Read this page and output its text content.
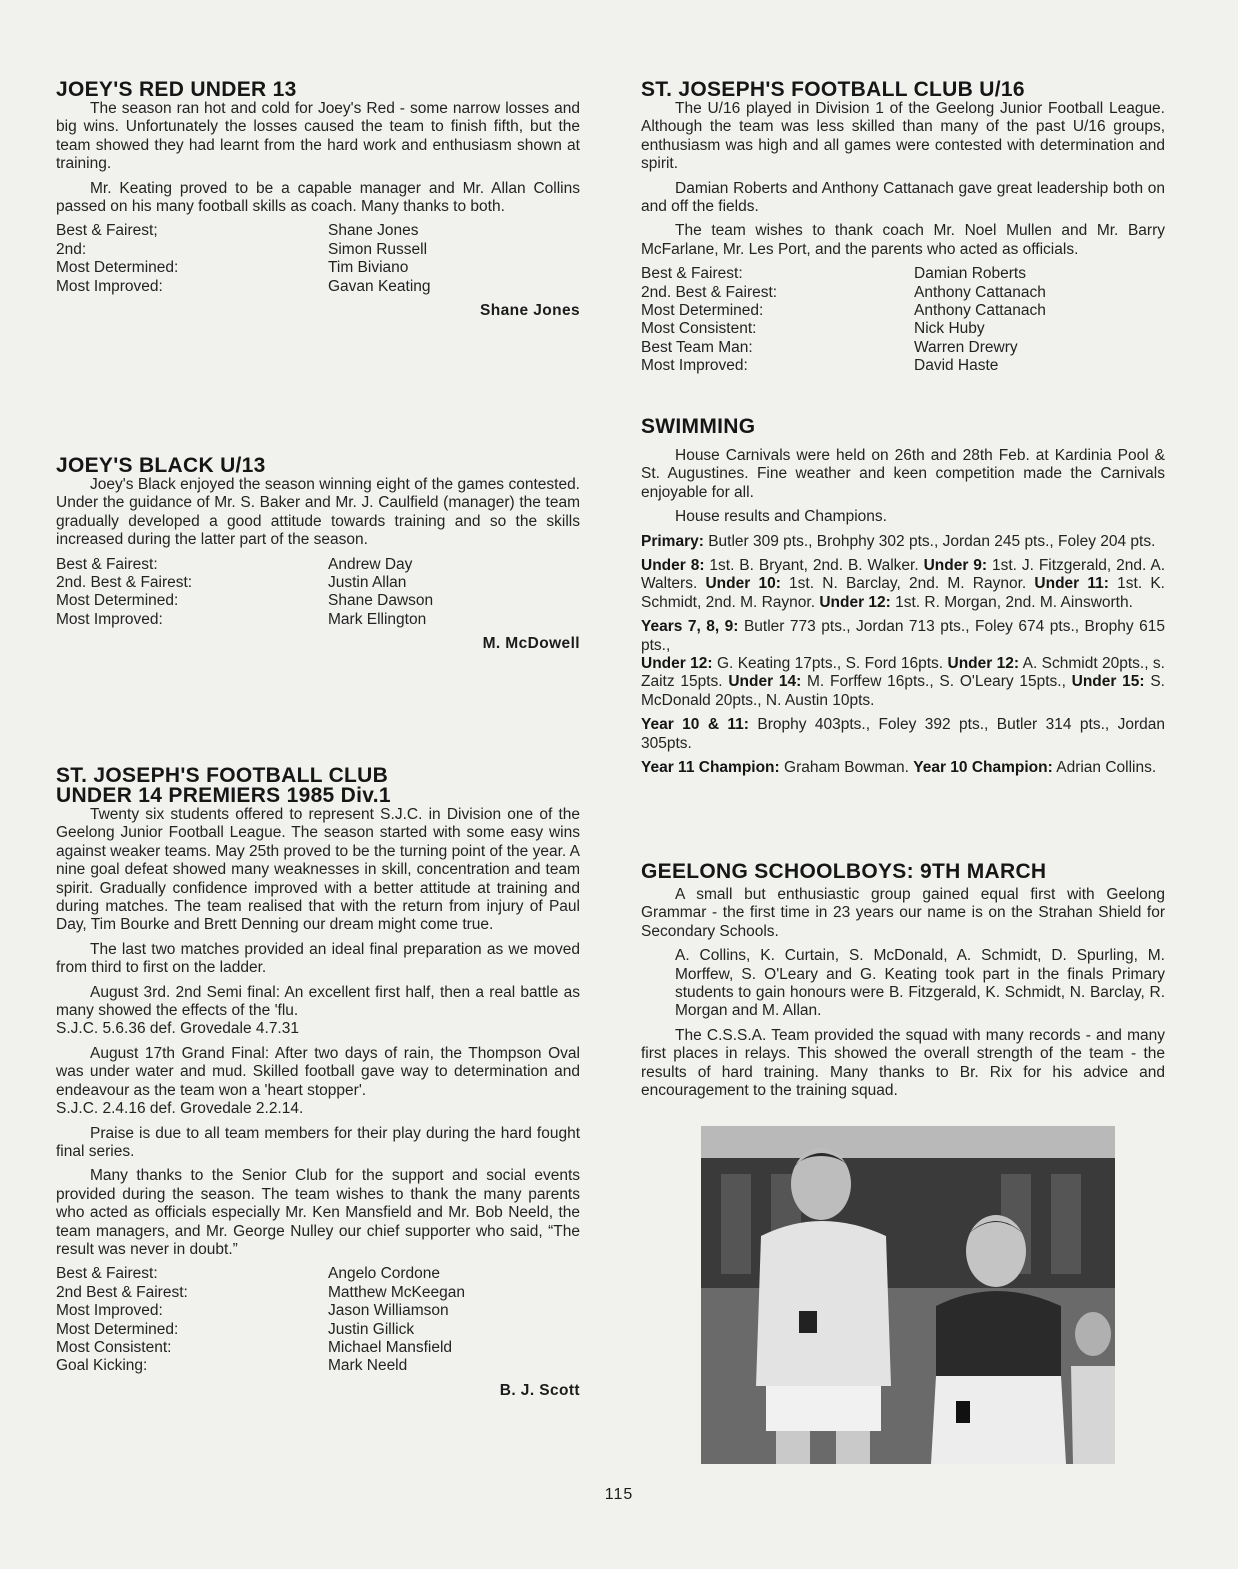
JOEY'S RED UNDER 13

The season ran hot and cold for Joey's Red - some narrow losses and big wins. Unfortunately the losses caused the team to finish fifth, but the team showed they had learnt from the hard work and enthusiasm shown at training.

Mr. Keating proved to be a capable manager and Mr. Allan Collins passed on his many football skills as coach. Many thanks to both.

Best & Fairest;	Shane Jones
2nd:	Simon Russell
Most Determined:	Tim Biviano
Most Improved:	Gavan Keating
Shane Jones
JOEY'S BLACK U/13

Joey's Black enjoyed the season winning eight of the games contested. Under the guidance of Mr. S. Baker and Mr. J. Caulfield (manager) the team gradually developed a good attitude towards training and so the skills increased during the latter part of the season.

Best & Fairest:	Andrew Day
2nd. Best & Fairest:	Justin Allan
Most Determined:	Shane Dawson
Most Improved:	Mark Ellington
M. McDowell
ST. JOSEPH'S FOOTBALL CLUB
UNDER 14 PREMIERS 1985 Div.1

Twenty six students offered to represent S.J.C. in Division one of the Geelong Junior Football League. The season started with some easy wins against weaker teams. May 25th proved to be the turning point of the year. A nine goal defeat showed many weaknesses in skill, concentration and team spirit. Gradually confidence improved with a better attitude at training and during matches. The team realised that with the return from injury of Paul Day, Tim Bourke and Brett Denning our dream might come true.

The last two matches provided an ideal final preparation as we moved from third to first on the ladder.

August 3rd. 2nd Semi final: An excellent first half, then a real battle as many showed the effects of the 'flu.

S.J.C. 5.6.36 def. Grovedale 4.7.31

August 17th Grand Final: After two days of rain, the Thompson Oval was under water and mud. Skilled football gave way to determination and endeavour as the team won a 'heart stopper'.

S.J.C. 2.4.16 def. Grovedale 2.2.14.

Praise is due to all team members for their play during the hard fought final series.

Many thanks to the Senior Club for the support and social events provided during the season. The team wishes to thank the many parents who acted as officials especially Mr. Ken Mansfield and Mr. Bob Neeld, the team managers, and Mr. George Nulley our chief supporter who said, “The result was never in doubt.”

Best & Fairest:	Angelo Cordone
2nd Best & Fairest:	Matthew McKeegan
Most Improved:	Jason Williamson
Most Determined:	Justin Gillick
Most Consistent:	Michael Mansfield
Goal Kicking:	Mark Neeld
B. J. Scott
ST. JOSEPH'S FOOTBALL CLUB U/16

The U/16 played in Division 1 of the Geelong Junior Football League. Although the team was less skilled than many of the past U/16 groups, enthusiasm was high and all games were contested with determination and spirit.

Damian Roberts and Anthony Cattanach gave great leadership both on and off the fields.

The team wishes to thank coach Mr. Noel Mullen and Mr. Barry McFarlane, Mr. Les Port, and the parents who acted as officials.

Best & Fairest:	Damian Roberts
2nd. Best & Fairest:	Anthony Cattanach
Most Determined:	Anthony Cattanach
Most Consistent:	Nick Huby
Best Team Man:	Warren Drewry
Most Improved:	David Haste
SWIMMING

House Carnivals were held on 26th and 28th Feb. at Kardinia Pool & St. Augustines. Fine weather and keen competition made the Carnivals enjoyable for all.

House results and Champions.

Primary: Butler 309 pts., Brohphy 302 pts., Jordan 245 pts., Foley 204 pts.

Under 8: 1st. B. Bryant, 2nd. B. Walker. Under 9: 1st. J. Fitzgerald, 2nd. A. Walters. Under 10: 1st. N. Barclay, 2nd. M. Raynor. Under 11: 1st. K. Schmidt, 2nd. M. Raynor. Under 12: 1st. R. Morgan, 2nd. M. Ainsworth.

Years 7, 8, 9: Butler 773 pts., Jordan 713 pts., Foley 674 pts., Brophy 615 pts.,

Under 12: G. Keating 17pts., S. Ford 16pts. Under 12: A. Schmidt 20pts., s. Zaitz 15pts. Under 14: M. Forffew 16pts., S. O'Leary 15pts., Under 15: S. McDonald 20pts., N. Austin 10pts.

Year 10 & 11: Brophy 403pts., Foley 392 pts., Butler 314 pts., Jordan 305pts.

Year 11 Champion: Graham Bowman. Year 10 Champion: Adrian Collins.

GEELONG SCHOOLBOYS: 9TH MARCH

A small but enthusiastic group gained equal first with Geelong Grammar - the first time in 23 years our name is on the Strahan Shield for Secondary Schools.

A. Collins, K. Curtain, S. McDonald, A. Schmidt, D. Spurling, M. Morffew, S. O'Leary and G. Keating took part in the finals Primary students to gain honours were B. Fitzgerald, K. Schmidt, N. Barclay, R. Morgan and M. Allan.

The C.S.S.A. Team provided the squad with many records - and many first places in relays. This showed the overall strength of the team - the results of hard training. Many thanks to Br. Rix for his advice and encouragement to the training squad.

115
